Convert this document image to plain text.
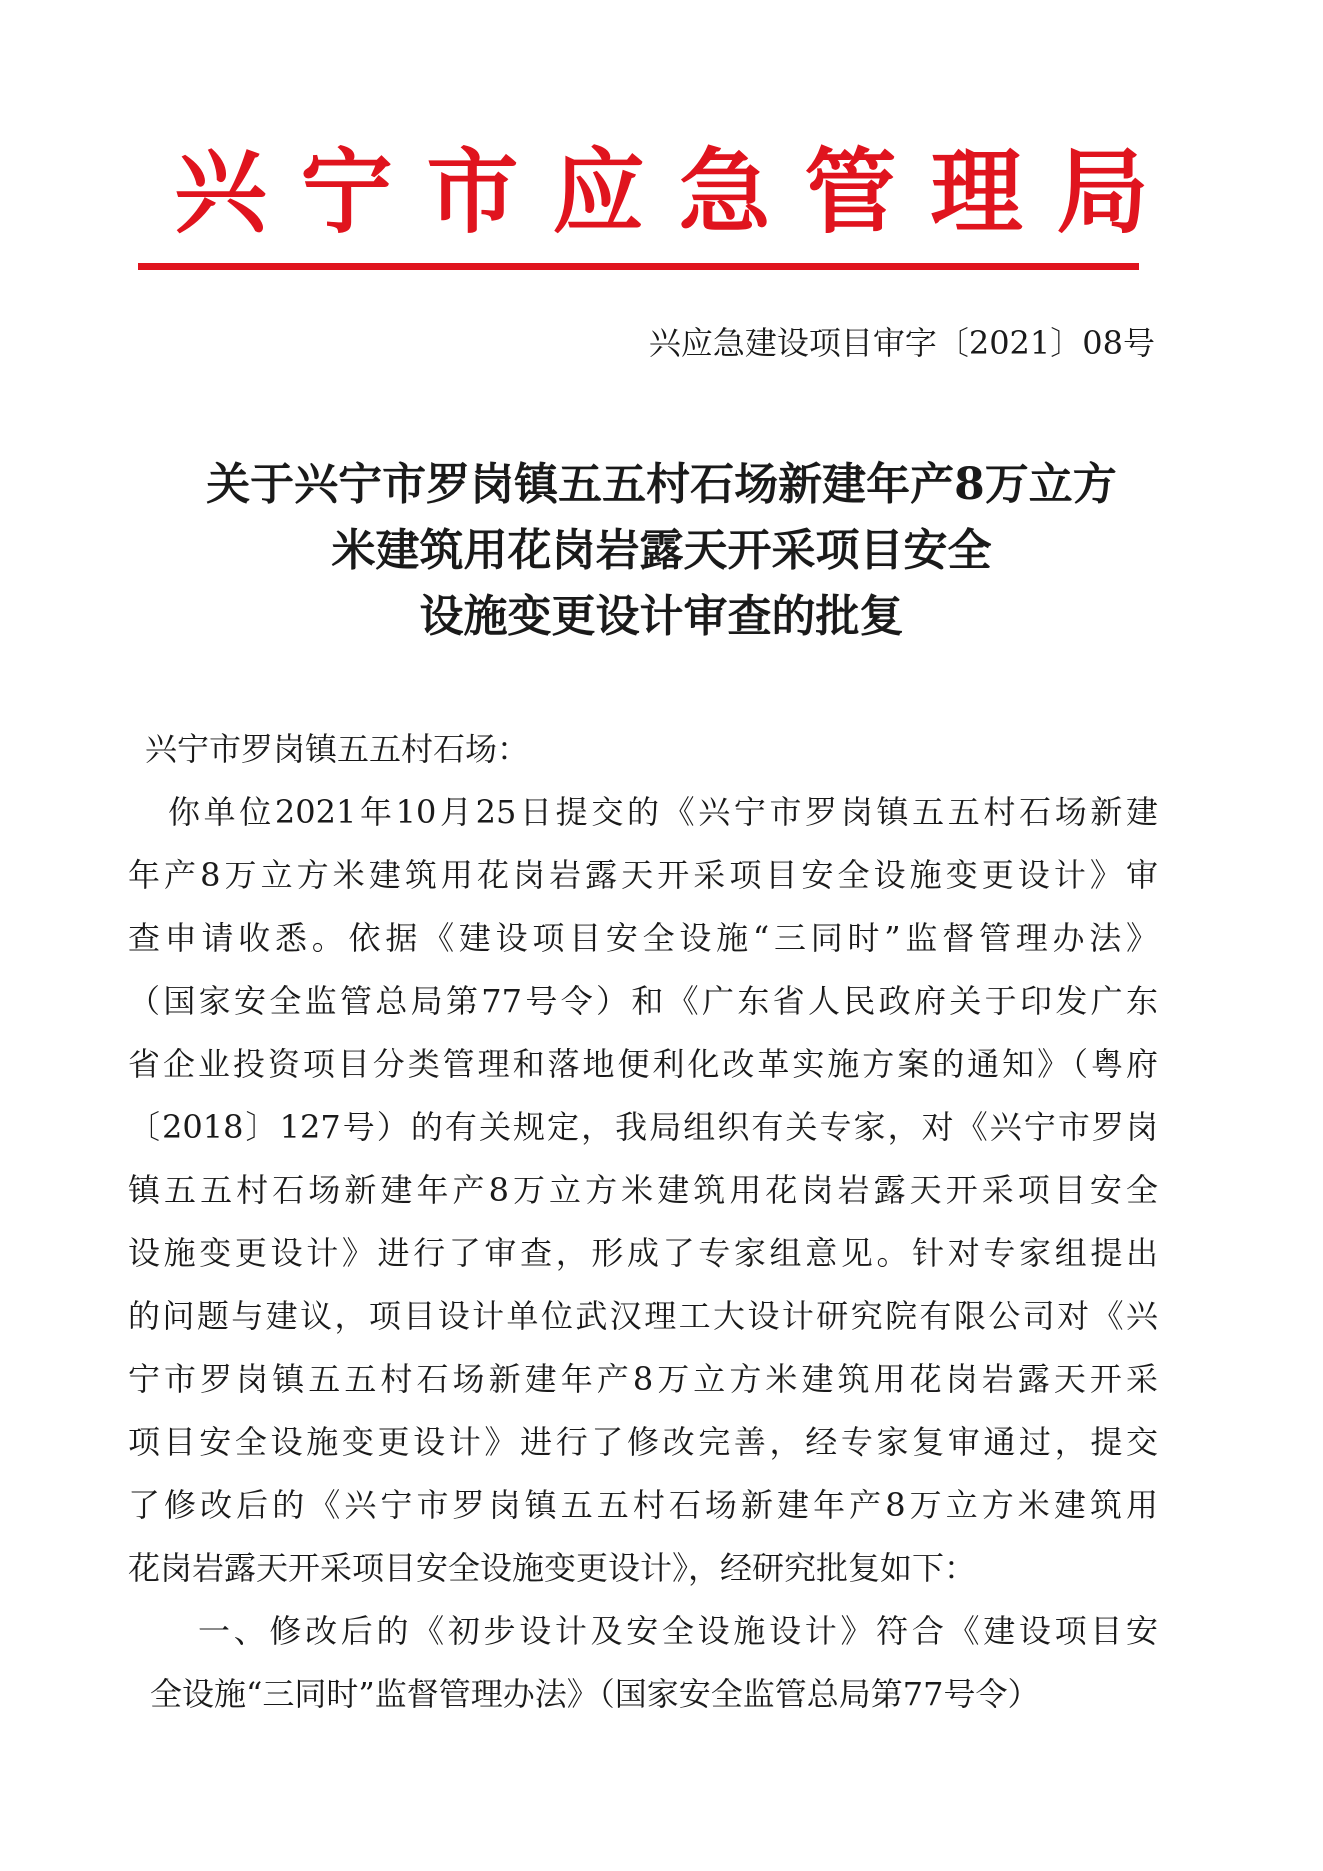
兴宁市应急管理局
兴应急建设项目审字〔2021〕08号
关于兴宁市罗岗镇五五村石场新建年产8万立方
米建筑用花岗岩露天开采项目安全
设施变更设计审查的批复
兴宁市罗岗镇五五村石场：
你单位2021年10月25日提交的《兴宁市罗岗镇五五村石场新建
年产8万立方米建筑用花岗岩露天开采项目安全设施变更设计》审
查申请收悉。依据《建设项目安全设施“三同时”监督管理办法》
（国家安全监管总局第77号令）和《广东省人民政府关于印发广东
省企业投资项目分类管理和落地便利化改革实施方案的通知》（粤府
〔2018〕127号）的有关规定，我局组织有关专家，对《兴宁市罗岗
镇五五村石场新建年产8万立方米建筑用花岗岩露天开采项目安全
设施变更设计》进行了审查，形成了专家组意见。针对专家组提出
的问题与建议，项目设计单位武汉理工大设计研究院有限公司对《兴
宁市罗岗镇五五村石场新建年产8万立方米建筑用花岗岩露天开采
项目安全设施变更设计》进行了修改完善，经专家复审通过，提交
了修改后的《兴宁市罗岗镇五五村石场新建年产8万立方米建筑用
花岗岩露天开采项目安全设施变更设计》，经研究批复如下：
一、修改后的《初步设计及安全设施设计》符合《建设项目安
全设施“三同时”监督管理办法》（国家安全监管总局第77号令）
